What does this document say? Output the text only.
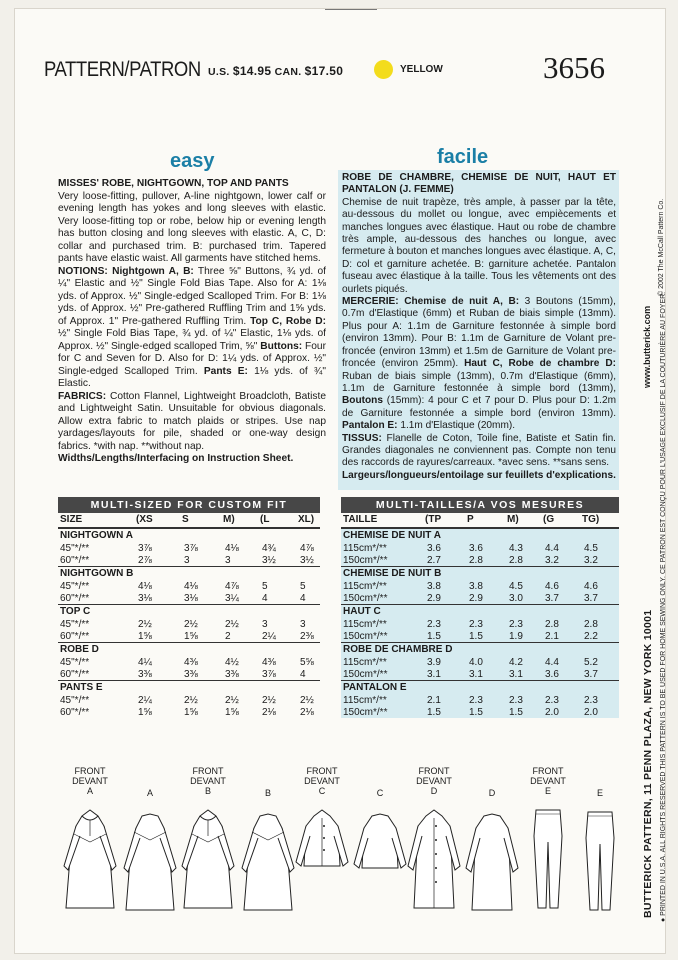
PATTERN/PATRON U.S. $14.95 CAN. $17.50	YELLOW	3656
easy

MISSES' ROBE, NIGHTGOWN, TOP AND PANTS

Very loose-fitting, pullover, A-line nightgown, lower calf or evening length has yokes and long sleeves with elastic. Very loose-fitting top or robe, below hip or evening length has button closing and long sleeves with elastic. A, C, D: collar and purchased trim. B: purchased trim. Tapered pants have elastic waist. All garments have stitched hems.

NOTIONS: Nightgown A, B: Three ⅝" Buttons, ¾ yd. of ¼" Elastic and ½" Single Fold Bias Tape. Also for A: 1⅛ yds. of Approx. ½" Single-edged Scalloped Trim. For B: 1⅛ yds. of Approx. ½" Pre-gathered Ruffling Trim and 1⅝ yds. of Approx. 1" Pre-gathered Ruffling Trim. Top C, Robe D: ½" Single Fold Bias Tape, ¾ yd. of ¼" Elastic, 1⅛ yds. of Approx. ½" Single-edged scalloped Trim, ⅝" Buttons: Four for C and Seven for D. Also for D: 1¼ yds. of Approx. ½" Single-edged Scalloped Trim. Pants E: 1⅛ yds. of ¾" Elastic.

FABRICS: Cotton Flannel, Lightweight Broadcloth, Batiste and Lightweight Satin. Unsuitable for obvious diagonals. Allow extra fabric to match plaids or stripes. Use nap yardages/layouts for pile, shaded or one-way design fabrics. *with nap. **without nap.

Widths/Lengths/Interfacing on Instruction Sheet.

facile

ROBE DE CHAMBRE, CHEMISE DE NUIT, HAUT ET PANTALON (J. FEMME)

Chemise de nuit trapèze, très ample, à passer par la tête, au-dessous du mollet ou longue, avec empiècements et manches longues avec élastique. Haut ou robe de chambre très ample, au-dessous des hanches ou longue, avec fermeture à bouton et manches longues avec élastique. A, C, D: col et garniture achetée. B: garniture achetée. Pantalon fuseau avec élastique à la taille. Tous les vêtements ont des ourlets piqués.

MERCERIE: Chemise de nuit A, B: 3 Boutons (15mm), 0.7m d'Elastique (6mm) et Ruban de biais simple (13mm). Plus pour A: 1.1m de Garniture festonnée à simple bord (environ 13mm). Pour B: 1.1m de Garniture de Volant pre-froncée (environ 13mm) et 1.5m de Garniture de Volant pre-froncée (environ 25mm). Haut C, Robe de chambre D: Ruban de biais simple (13mm), 0.7m d'Elastique (6mm), 1.1m de Garniture festonnée à simple bord (13mm), Boutons (15mm): 4 pour C et 7 pour D. Plus pour D: 1.2m de Garniture festonnée a simple bord (environ 13mm). Pantalon E: 1.1m d'Elastique (20mm).

TISSUS: Flanelle de Coton, Toile fine, Batiste et Satin fin. Grandes diagonales ne conviennent pas. Compte non tenu des raccords de rayures/carreaux. *avec sens. **sans sens.

Largeurs/longueurs/entoilage sur feuillets d'explications.

MULTI-SIZED FOR CUSTOM FIT
SIZE	(XS	S	M)	(L	XL)
NIGHTGOWN A
45"*/**	3⅞	3⅞	4⅛ 4¾ 4⅞
60"*/**	2⅞	3	3	3½ 3½
NIGHTGOWN B
45"*/**	4⅛	4⅛	4⅞ 5	5
60"*/**	3⅛	3⅛	3¼ 4	4
TOP C
45"*/**	2½	2½	2½ 3	3
60"*/**	1⅝	1⅝	2	2¼ 2⅜
ROBE D
45"*/**	4¼	4⅜	4½ 4⅜ 5⅝
60"*/**	3⅜	3⅜	3⅜ 3⅞ 4
PANTS E
45"*/**	2¼	2½	2½ 2½ 2½
60"*/**	1⅝	1⅝	1⅝ 2⅛ 2⅛
MULTI-TAILLES/A VOS MESURES
TAILLE	(TP	P	M) (G	TG)
CHEMISE DE NUIT A
115cm*/**	3.6	3.6	4.3 4.4	4.5
150cm*/**	2.7	2.8	2.8 3.2	3.2
CHEMISE DE NUIT B
115cm*/**	3.8	3.8	4.5 4.6	4.6
150cm*/**	2.9	2.9	3.0 3.7	3.7
HAUT C
115cm*/**	2.3	2.3	2.3 2.8	2.8
150cm*/**	1.5	1.5	1.9 2.1	2.2
ROBE DE CHAMBRE D
115cm*/**	3.9	4.0	4.2 4.4	5.2
150cm*/**	3.1	3.1	3.1 3.6	3.7
PANTALON E
115cm*/**	2.1	2.3	2.3 2.3	2.3
150cm*/**	1.5	1.5	1.5 2.0	2.0
FRONT
DEVANT
A	A
FRONT
DEVANT
B	B
FRONT
DEVANT
C	C
FRONT
DEVANT
D	D
FRONT
DEVANT
E	E	BUTTERICK PATTERN, 11 PENN PLAZA, NEW YORK 10001 ● PRINTED IN U.S.A. ALL RIGHTS RESERVED THIS PATTERN IS TO BE USED FOR HOME SEWING ONLY. CE PATRON EST CONÇU POUR L'USAGE EXCLUSIF DE LA COUTURIÈRE AU FOYER.
www.butterick.com
© 2002 The McCall Pattern Co.
